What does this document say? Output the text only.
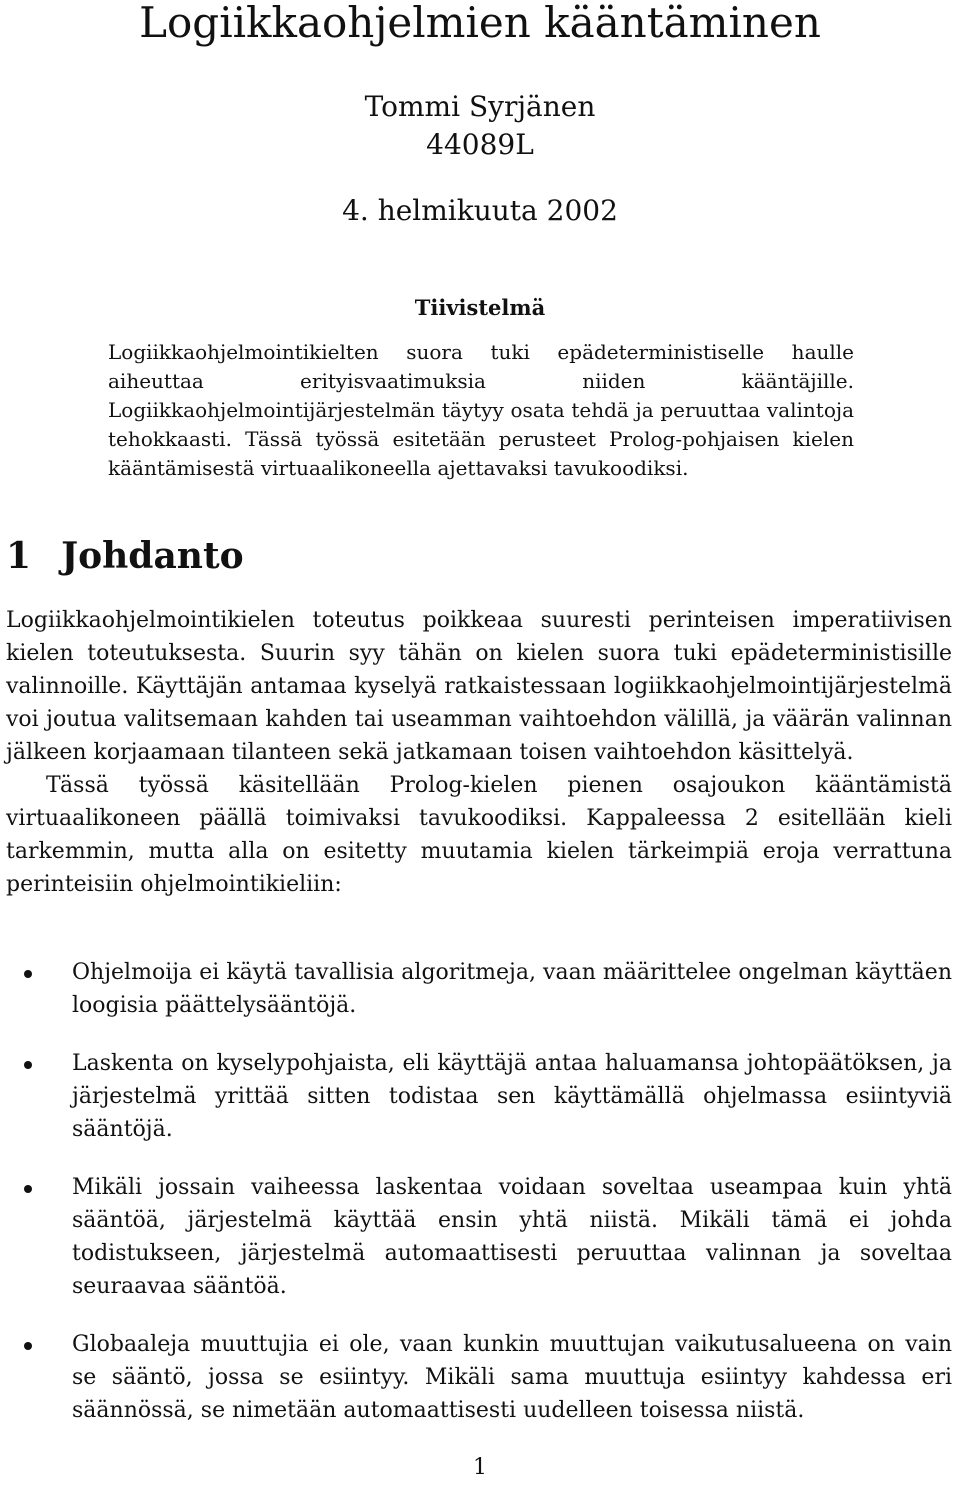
Logiikkaohjelmien kääntäminen
Tommi Syrjänen
44089L
4. helmikuuta 2002
Tiivistelmä

Logiikkaohjelmointikielten suora tuki epädeterministiselle haulle aiheuttaa erityisvaatimuksia niiden kääntäjille. Logiikkaohjelmointijärjestelmän täytyy osata tehdä ja peruuttaa valintoja tehokkaasti. Tässä työssä esitetään perusteet Prolog-pohjaisen kielen kääntämisestä virtuaalikoneella ajettavaksi tavukoodiksi.

1 Johdanto

Logiikkaohjelmointikielen toteutus poikkeaa suuresti perinteisen imperatiivisen kielen toteutuksesta. Suurin syy tähän on kielen suora tuki epädeterministisille valinnoille. Käyttäjän antamaa kyselyä ratkaistessaan logiikkaohjelmointijärjestelmä voi joutua valitsemaan kahden tai useamman vaihtoehdon välillä, ja väärän valinnan jälkeen korjaamaan tilanteen sekä jatkamaan toisen vaihtoehdon käsittelyä.

Tässä työssä käsitellään Prolog-kielen pienen osajoukon kääntämistä virtuaalikoneen päällä toimivaksi tavukoodiksi. Kappaleessa 2 esitellään kieli tarkemmin, mutta alla on esitetty muutamia kielen tärkeimpiä eroja verrattuna perinteisiin ohjelmointikieliin:

Ohjelmoija ei käytä tavallisia algoritmeja, vaan määrittelee ongelman käyttäen loogisia päättelysääntöjä.
Laskenta on kyselypohjaista, eli käyttäjä antaa haluamansa johtopäätöksen, ja järjestelmä yrittää sitten todistaa sen käyttämällä ohjelmassa esiintyviä sääntöjä.
Mikäli jossain vaiheessa laskentaa voidaan soveltaa useampaa kuin yhtä sääntöä, järjestelmä käyttää ensin yhtä niistä. Mikäli tämä ei johda todistukseen, järjestelmä automaattisesti peruuttaa valinnan ja soveltaa seuraavaa sääntöä.
Globaaleja muuttujia ei ole, vaan kunkin muuttujan vaikutusalueena on vain se sääntö, jossa se esiintyy. Mikäli sama muuttuja esiintyy kahdessa eri säännössä, se nimetään automaattisesti uudelleen toisessa niistä.
1
